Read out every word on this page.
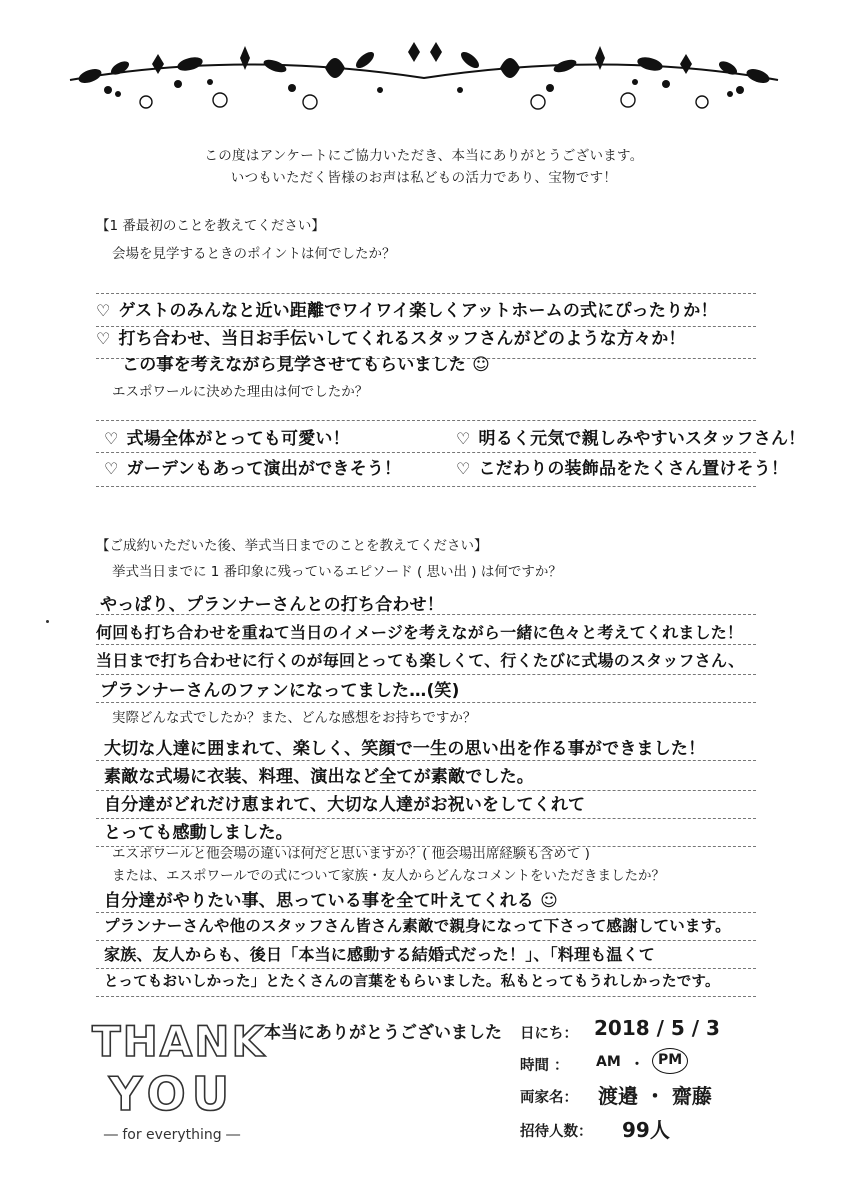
この度はアンケートにご協力いただき、本当にありがとうございます。
いつもいただく皆様のお声は私どもの活力であり、宝物です！
【1 番最初のことを教えてください】
会場を見学するときのポイントは何でしたか？
♡ ゲストのみんなと近い距離でワイワイ楽しくアットホームの式にぴったりか！
♡ 打ち合わせ、当日お手伝いしてくれるスタッフさんがどのような方々か！
この事を考えながら見学させてもらいました ☺
エスポワールに決めた理由は何でしたか？
♡ 式場全体がとっても可愛い！	♡ 明るく元気で親しみやすいスタッフさん！
♡ ガーデンもあって演出ができそう！	♡ こだわりの装飾品をたくさん置けそう！
【ご成約いただいた後、挙式当日までのことを教えてください】
挙式当日までに 1 番印象に残っているエピソード ( 思い出 ) は何ですか？
やっぱり、プランナーさんとの打ち合わせ！
何回も打ち合わせを重ねて当日のイメージを考えながら一緒に色々と考えてくれました！
当日まで打ち合わせに行くのが毎回とっても楽しくて、行くたびに式場のスタッフさん、
プランナーさんのファンになってました…(笑)
実際どんな式でしたか？また、どんな感想をお持ちですか？
大切な人達に囲まれて、楽しく、笑顔で一生の思い出を作る事ができました！
素敵な式場に衣装、料理、演出など全てが素敵でした。
自分達がどれだけ恵まれて、大切な人達がお祝いをしてくれて
とっても感動しました。
エスポワールと他会場の違いは何だと思いますか？( 他会場出席経験も含めて )
または、エスポワールでの式について家族・友人からどんなコメントをいただきましたか？
自分達がやりたい事、思っている事を全て叶えてくれる ☺
プランナーさんや他のスタッフさん皆さん素敵で親身になって下さって感謝しています。
家族、友人からも、後日「本当に感動する結婚式だった！」、「料理も温くて
とってもおいしかった」とたくさんの言葉をもらいました。私もとってもうれしかったです。
本当にありがとうございました
THANK
YOU
― for everything ―
日にち： 2018 / 5 / 3
時間 ： AM ・ PM
両家名： 渡邉 ・ 齋藤
招待人数： 99人
